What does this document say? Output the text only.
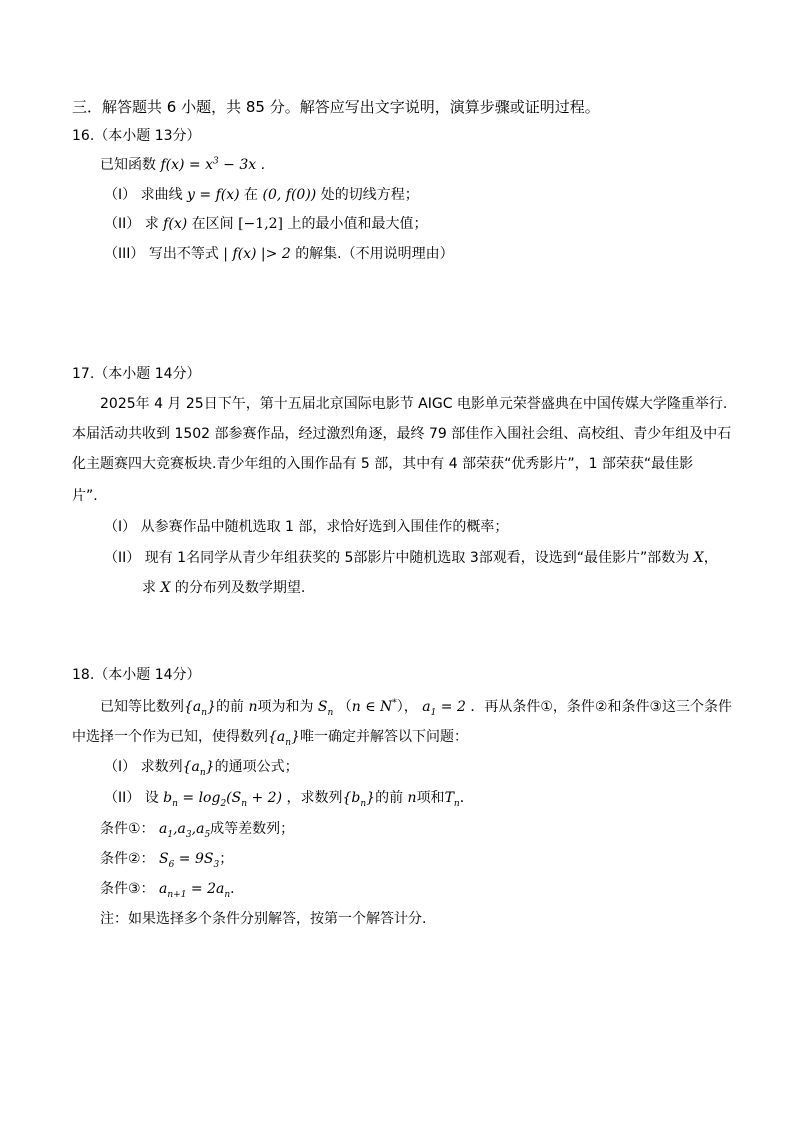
三．解答题共 6 小题，共 85 分。解答应写出文字说明，演算步骤或证明过程。
16.（本小题 13分）
已知函数 $f(x) = x^3 - 3x$ .
（I） 求曲线 y = f(x) 在 (0, f(0)) 处的切线方程；
（II） 求 f(x) 在区间 [−1,2] 上的最小值和最大值；
（III） 写出不等式 | f(x) |> 2 的解集.（不用说明理由）
17.（本小题 14分）
2025年 4 月 25日下午，第十五届北京国际电影节 AIGC 电影单元荣誉盛典在中国传媒大学隆重举行.
本届活动共收到 1502 部参赛作品，经过激烈角逐，最终 79 部佳作入围社会组、高校组、青少年组及中石
化主题赛四大竞赛板块.青少年组的入围作品有 5 部，其中有 4 部荣获“优秀影片”，1 部荣获“最佳影
片”.
（I） 从参赛作品中随机选取 1 部，求恰好选到入围佳作的概率；
（II） 现有 1名同学从青少年组获奖的 5部影片中随机选取 3部观看，设选到“最佳影片”部数为 X，
求 X 的分布列及数学期望.
18.（本小题 14分）
已知等比数列$\{a_n\}$的前 n项为和为 $S_n$ （n ∈ N*）， $a_1 = 2$ ．再从条件①，条件②和条件③这三个条件
中选择一个作为已知，使得数列$\{a_n\}$唯一确定并解答以下问题：
（I） 求数列$\{a_n\}$的通项公式；
（II） 设 $b_n = \log_2(S_n + 2)$ ，求数列$\{b_n\}$的前 n项和$T_n$．
条件①： $a_1,a_3,a_5$成等差数列；
条件②： $S_6 = 9S_3$；
条件③： $a_{n+1} = 2a_n$．
注：如果选择多个条件分别解答，按第一个解答计分.
